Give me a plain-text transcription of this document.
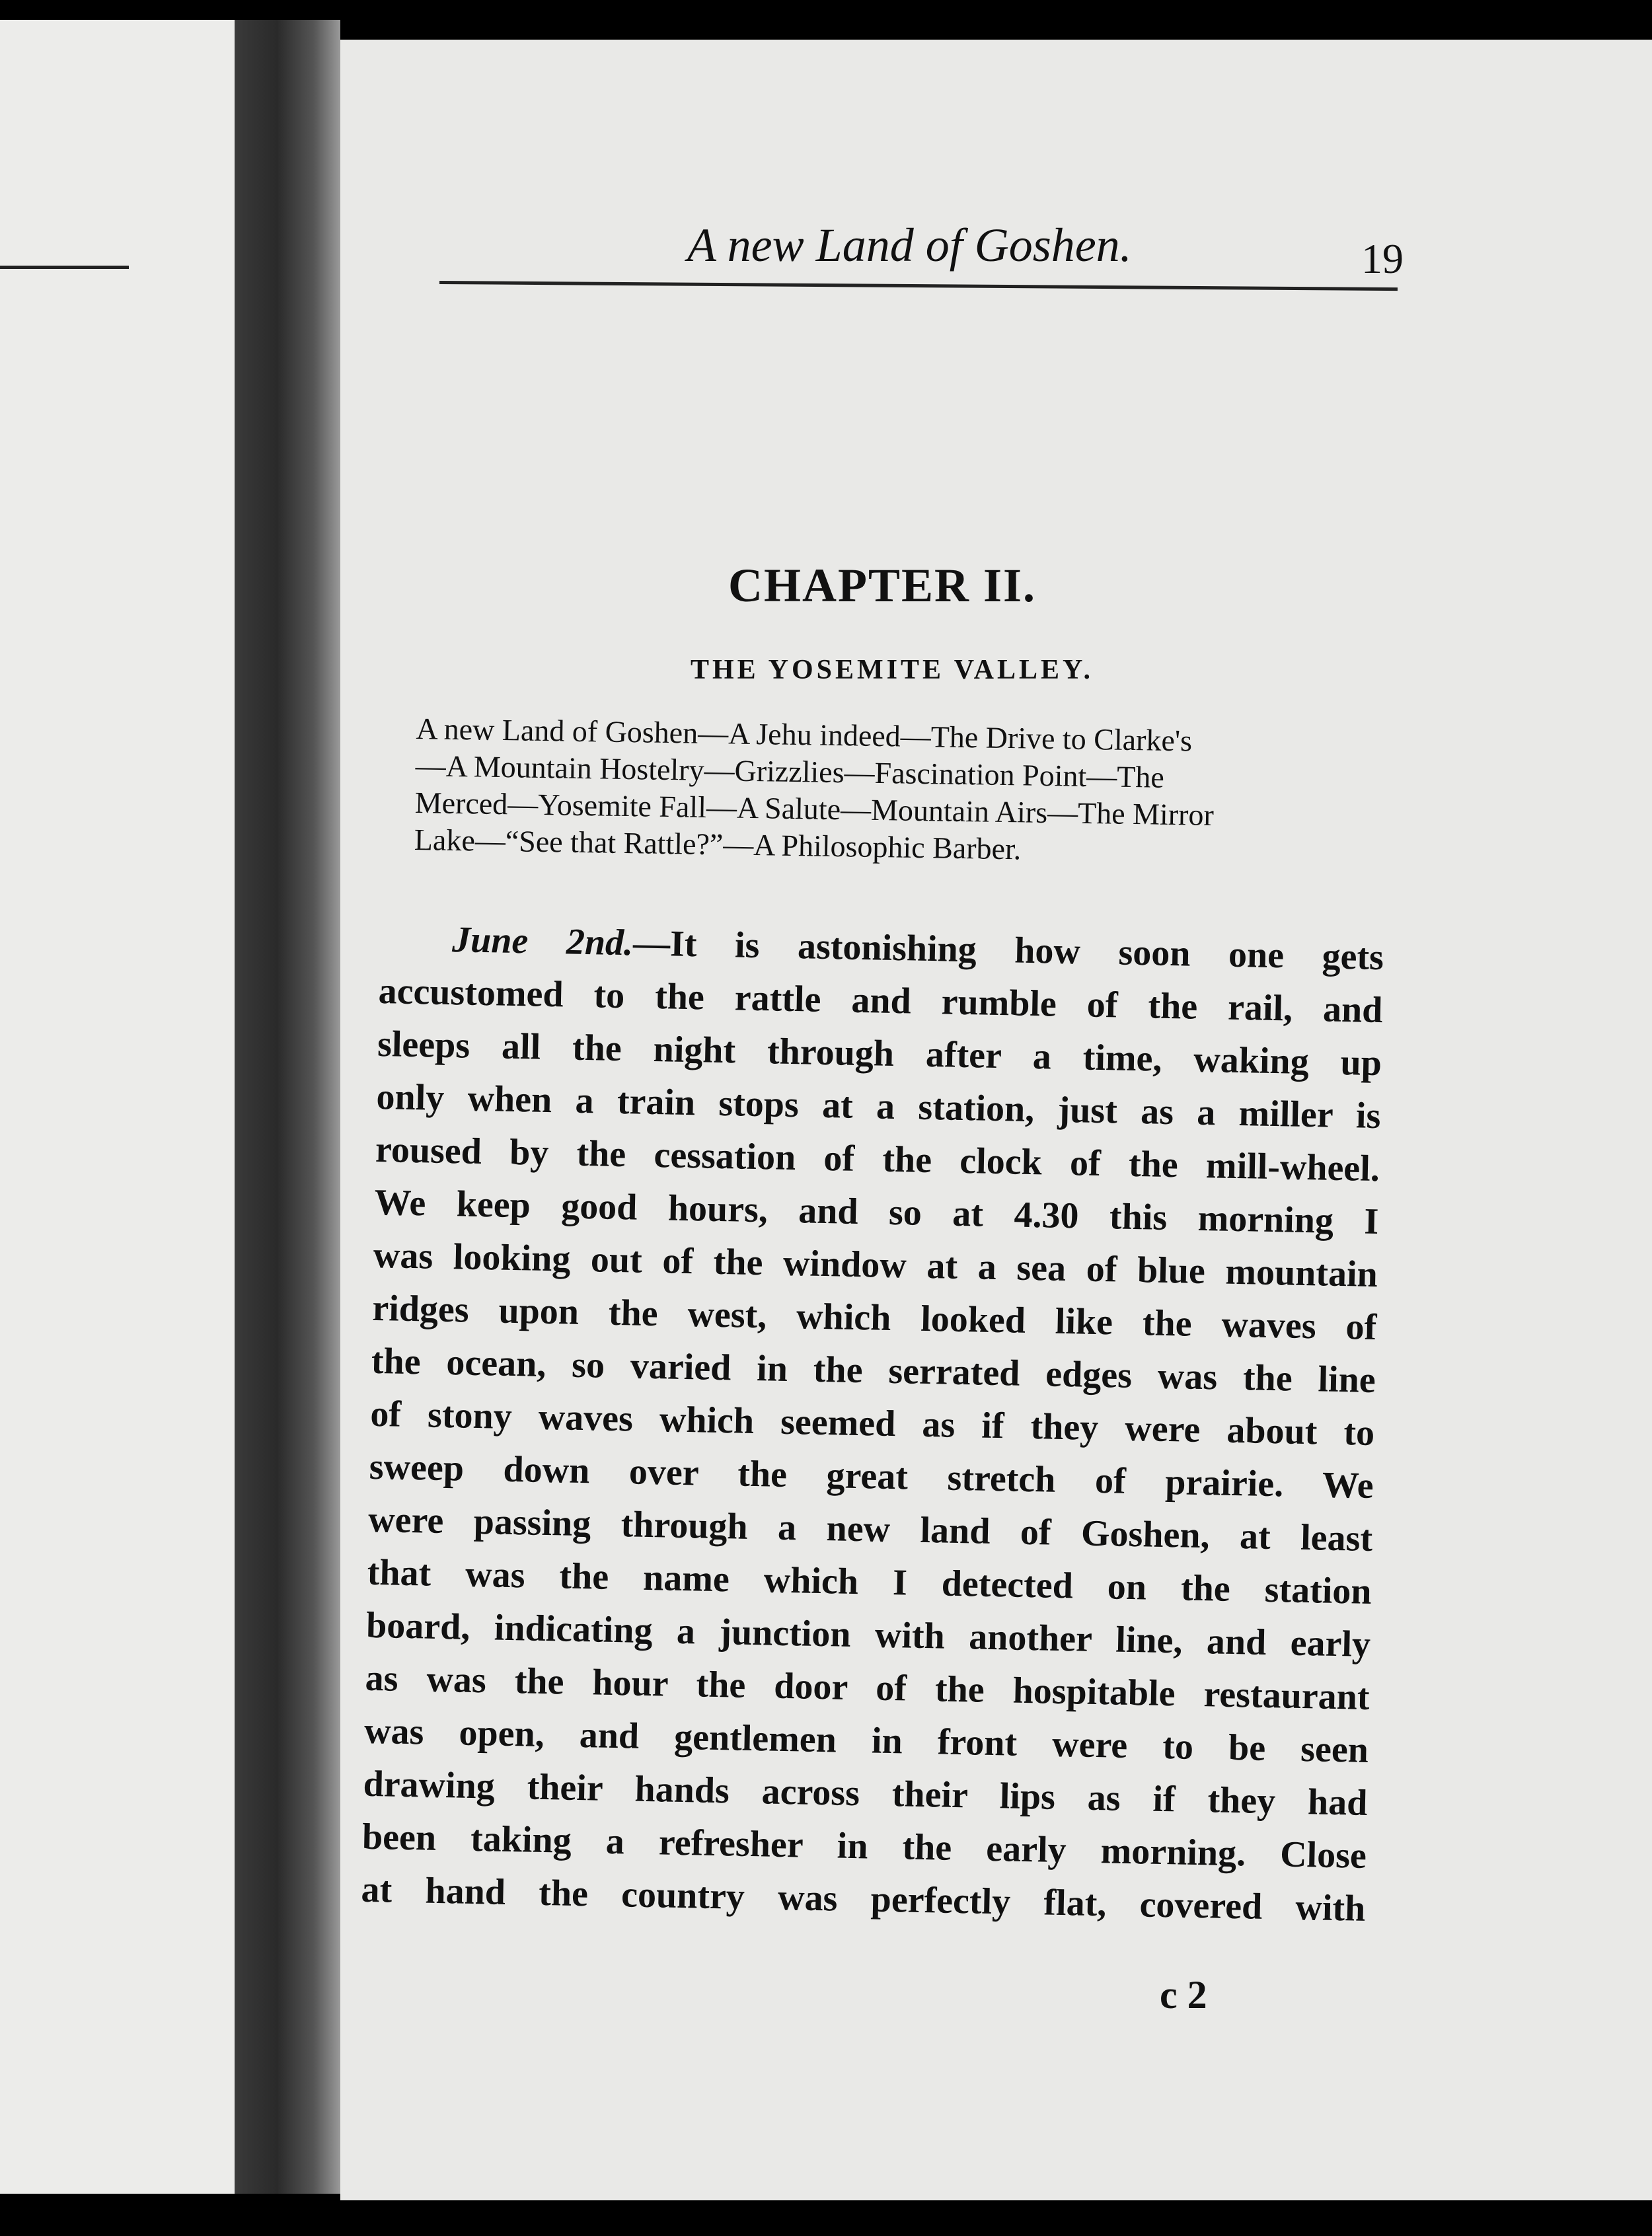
A new Land of Goshen.	19
CHAPTER II.
THE YOSEMITE VALLEY.
A new Land of Goshen—A Jehu indeed—The Drive to Clarke's
—A Mountain Hostelry—Grizzlies—Fascination Point—The
Merced—Yosemite Fall—A Salute—Mountain Airs—The Mirror
Lake—“See that Rattle?”—A Philosophic Barber.
June 2nd.—It is astonishing how soon one gets
accustomed to the rattle and rumble of the rail, and
sleeps all the night through after a time, waking up
only when a train stops at a station, just as a miller is
roused by the cessation of the clock of the mill-wheel.
We keep good hours, and so at 4.30 this morning I
was looking out of the window at a sea of blue mountain
ridges upon the west, which looked like the waves of
the ocean, so varied in the serrated edges was the line
of stony waves which seemed as if they were about to
sweep down over the great stretch of prairie. We
were passing through a new land of Goshen, at least
that was the name which I detected on the station
board, indicating a junction with another line, and early
as was the hour the door of the hospitable restaurant
was open, and gentlemen in front were to be seen
drawing their hands across their lips as if they had
been taking a refresher in the early morning. Close
at hand the country was perfectly flat, covered with
c 2
